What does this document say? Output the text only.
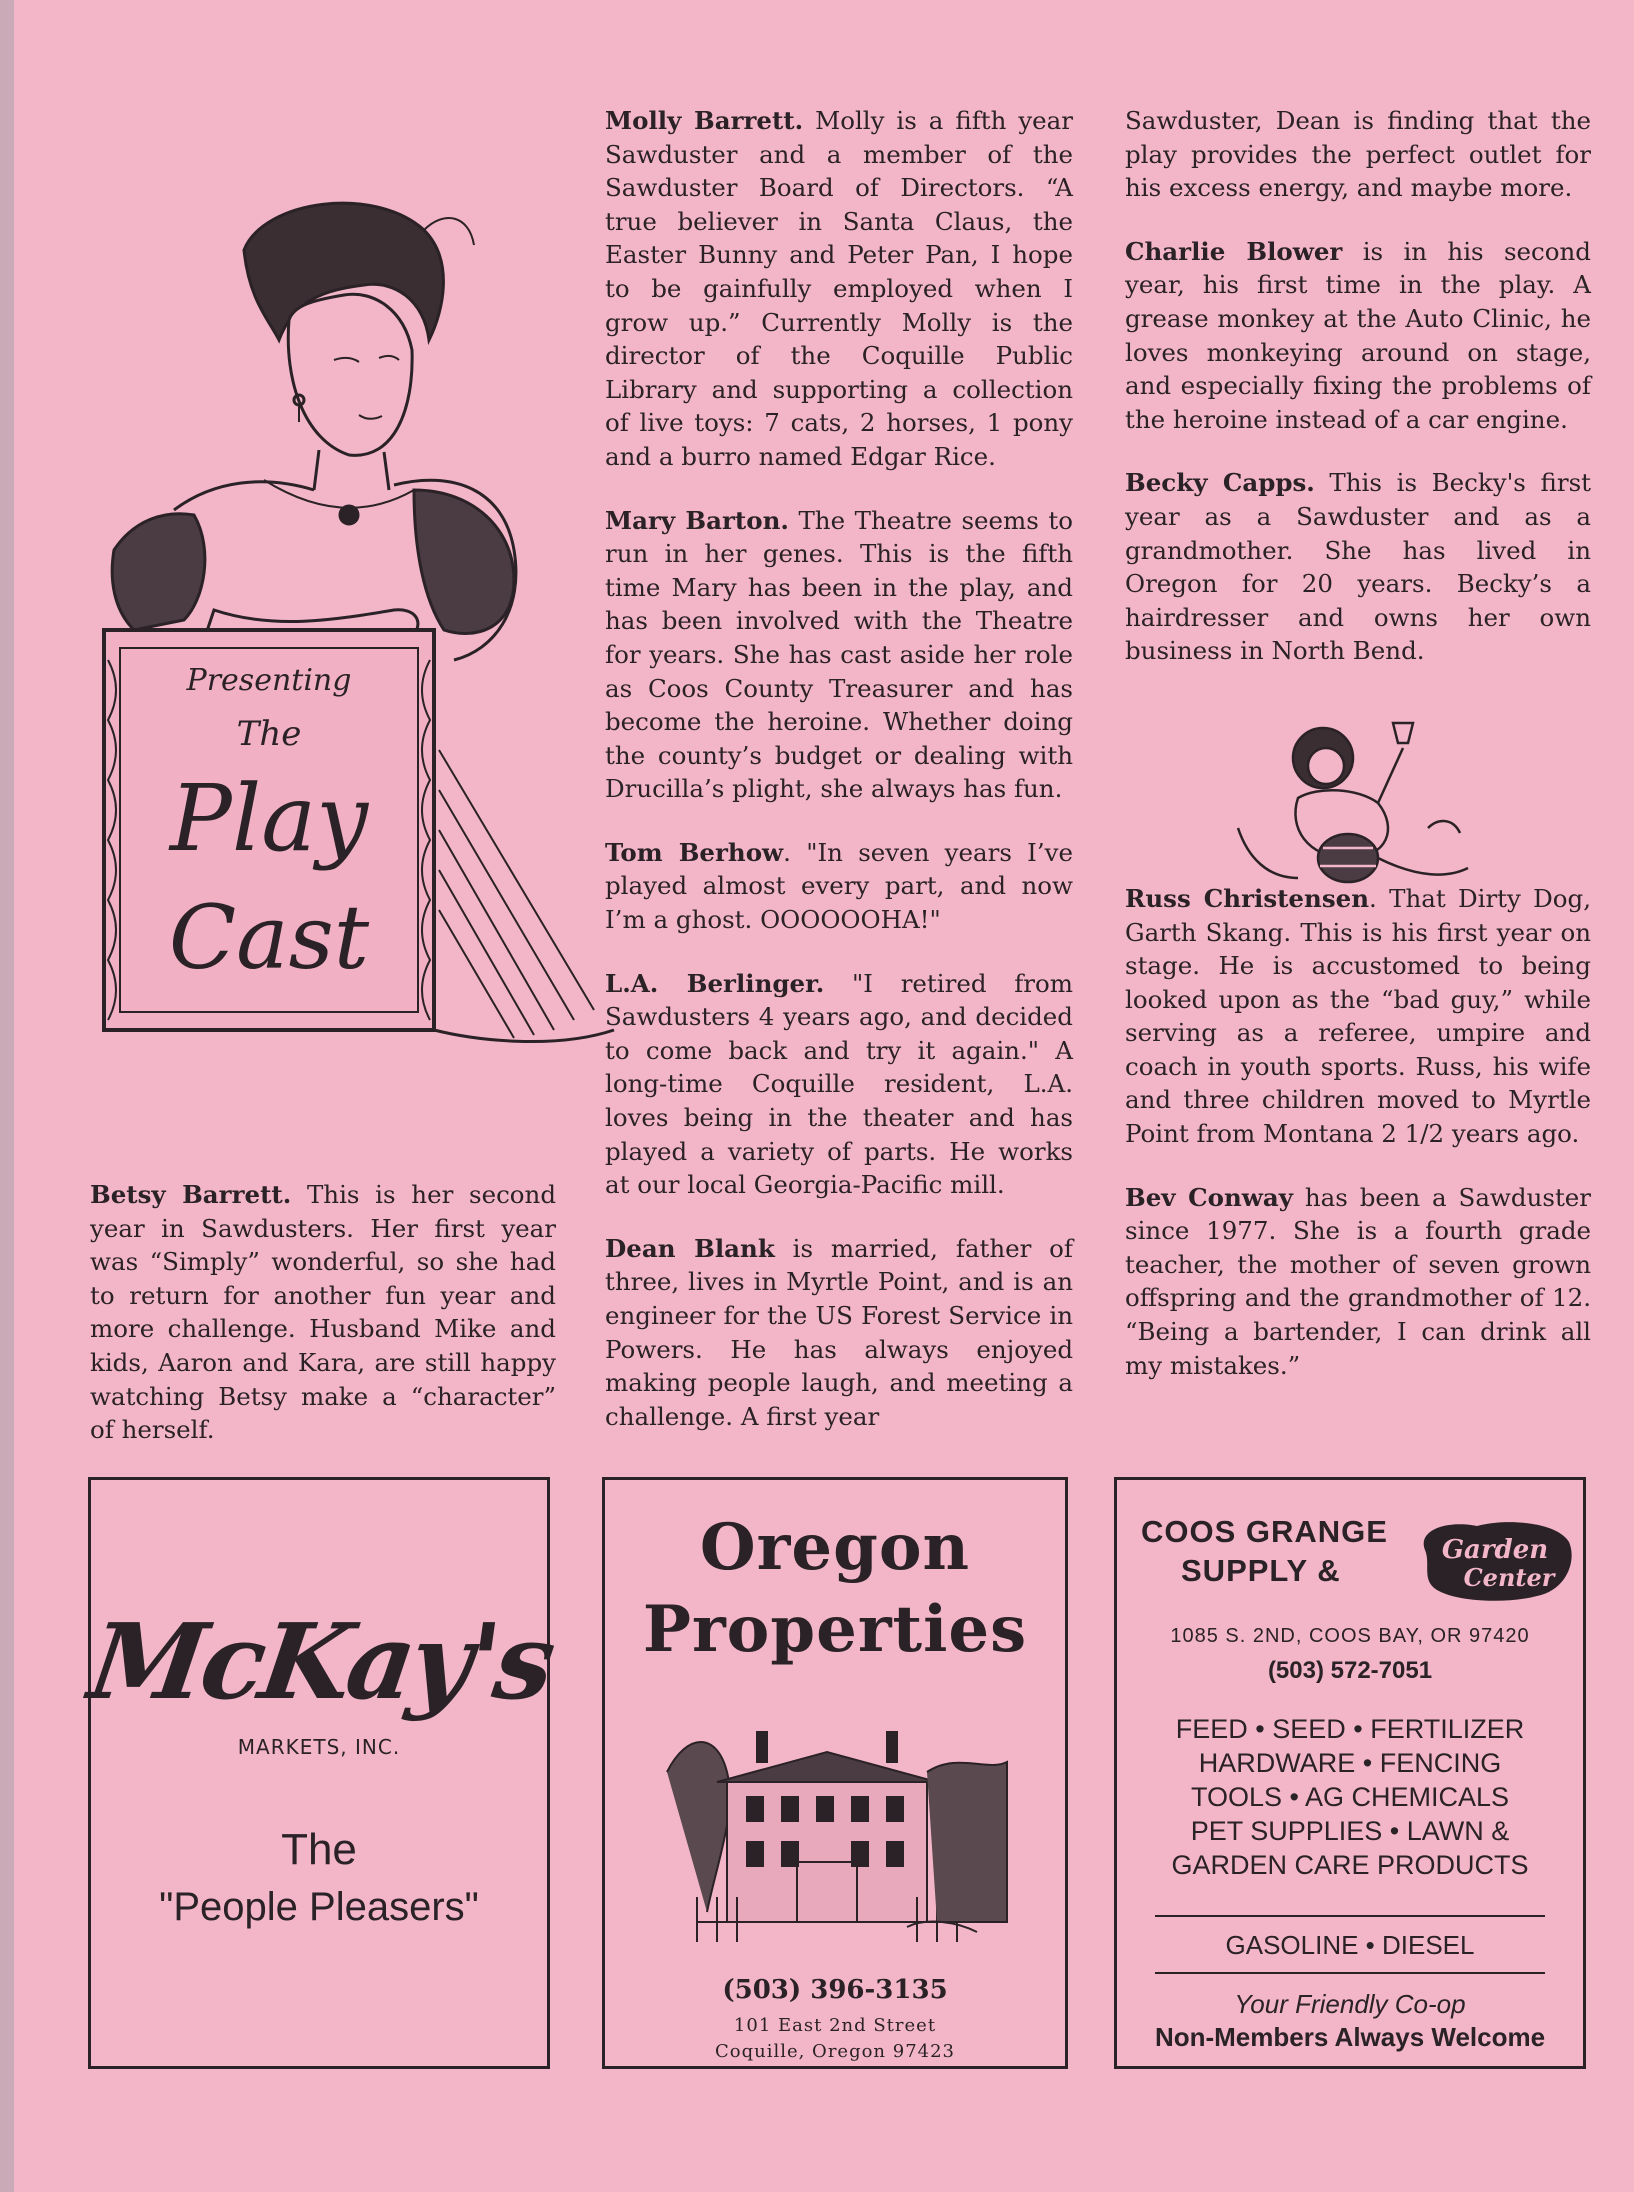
Presenting
The
Play
Cast

Betsy Barrett. This is her second year in Sawdusters. Her first year was “Simply” wonderful, so she had to return for another fun year and more challenge. Husband Mike and kids, Aaron and Kara, are still happy watching Betsy make a “character” of herself.

Molly Barrett. Molly is a fifth year Sawduster and a member of the Sawduster Board of Directors. “A true believer in Santa Claus, the Easter Bunny and Peter Pan, I hope to be gainfully employed when I grow up.” Currently Molly is the director of the Coquille Public Library and supporting a collection of live toys: 7 cats, 2 horses, 1 pony and a burro named Edgar Rice.

Mary Barton. The Theatre seems to run in her genes. This is the fifth time Mary has been in the play, and has been involved with the Theatre for years. She has cast aside her role as Coos County Treasurer and has become the heroine. Whether doing the county’s budget or dealing with Drucilla’s plight, she always has fun.

Tom Berhow. "In seven years I’ve played almost every part, and now I’m a ghost. OOOOOOHA!"

L.A. Berlinger. "I retired from Sawdusters 4 years ago, and decided to come back and try it again." A long-time Coquille resident, L.A. loves being in the theater and has played a variety of parts. He works at our local Georgia-Pacific mill.

Dean Blank is married, father of three, lives in Myrtle Point, and is an engineer for the US Forest Service in Powers. He has always enjoyed making people laugh, and meeting a challenge. A first year

Sawduster, Dean is finding that the play provides the perfect outlet for his excess energy, and maybe more.

Charlie Blower is in his second year, his first time in the play. A grease monkey at the Auto Clinic, he loves monkeying around on stage, and especially fixing the problems of the heroine instead of a car engine.

Becky Capps. This is Becky's first year as a Sawduster and as a grandmother. She has lived in Oregon for 20 years. Becky’s a hairdresser and owns her own business in North Bend.

Russ Christensen. That Dirty Dog, Garth Skang. This is his first year on stage. He is accustomed to being looked upon as the “bad guy,” while serving as a referee, umpire and coach in youth sports. Russ, his wife and three children moved to Myrtle Point from Montana 2 1/2 years ago.

Bev Conway has been a Sawduster since 1977. She is a fourth grade teacher, the mother of seven grown offspring and the grandmother of 12. “Being a bartender, I can drink all my mistakes.”

McKay's
MARKETS, INC.
The
"People Pleasers"
Oregon
Properties
(503) 396-3135
101 East 2nd Street
Coquille, Oregon 97423
COOS GRANGE
SUPPLY &
Garden
Center
1085 S. 2ND, COOS BAY, OR 97420
(503) 572-7051
FEED • SEED • FERTILIZER
HARDWARE • FENCING
TOOLS • AG CHEMICALS
PET SUPPLIES • LAWN &
GARDEN CARE PRODUCTS
GASOLINE • DIESEL
Your Friendly Co-op
Non-Members Always Welcome
